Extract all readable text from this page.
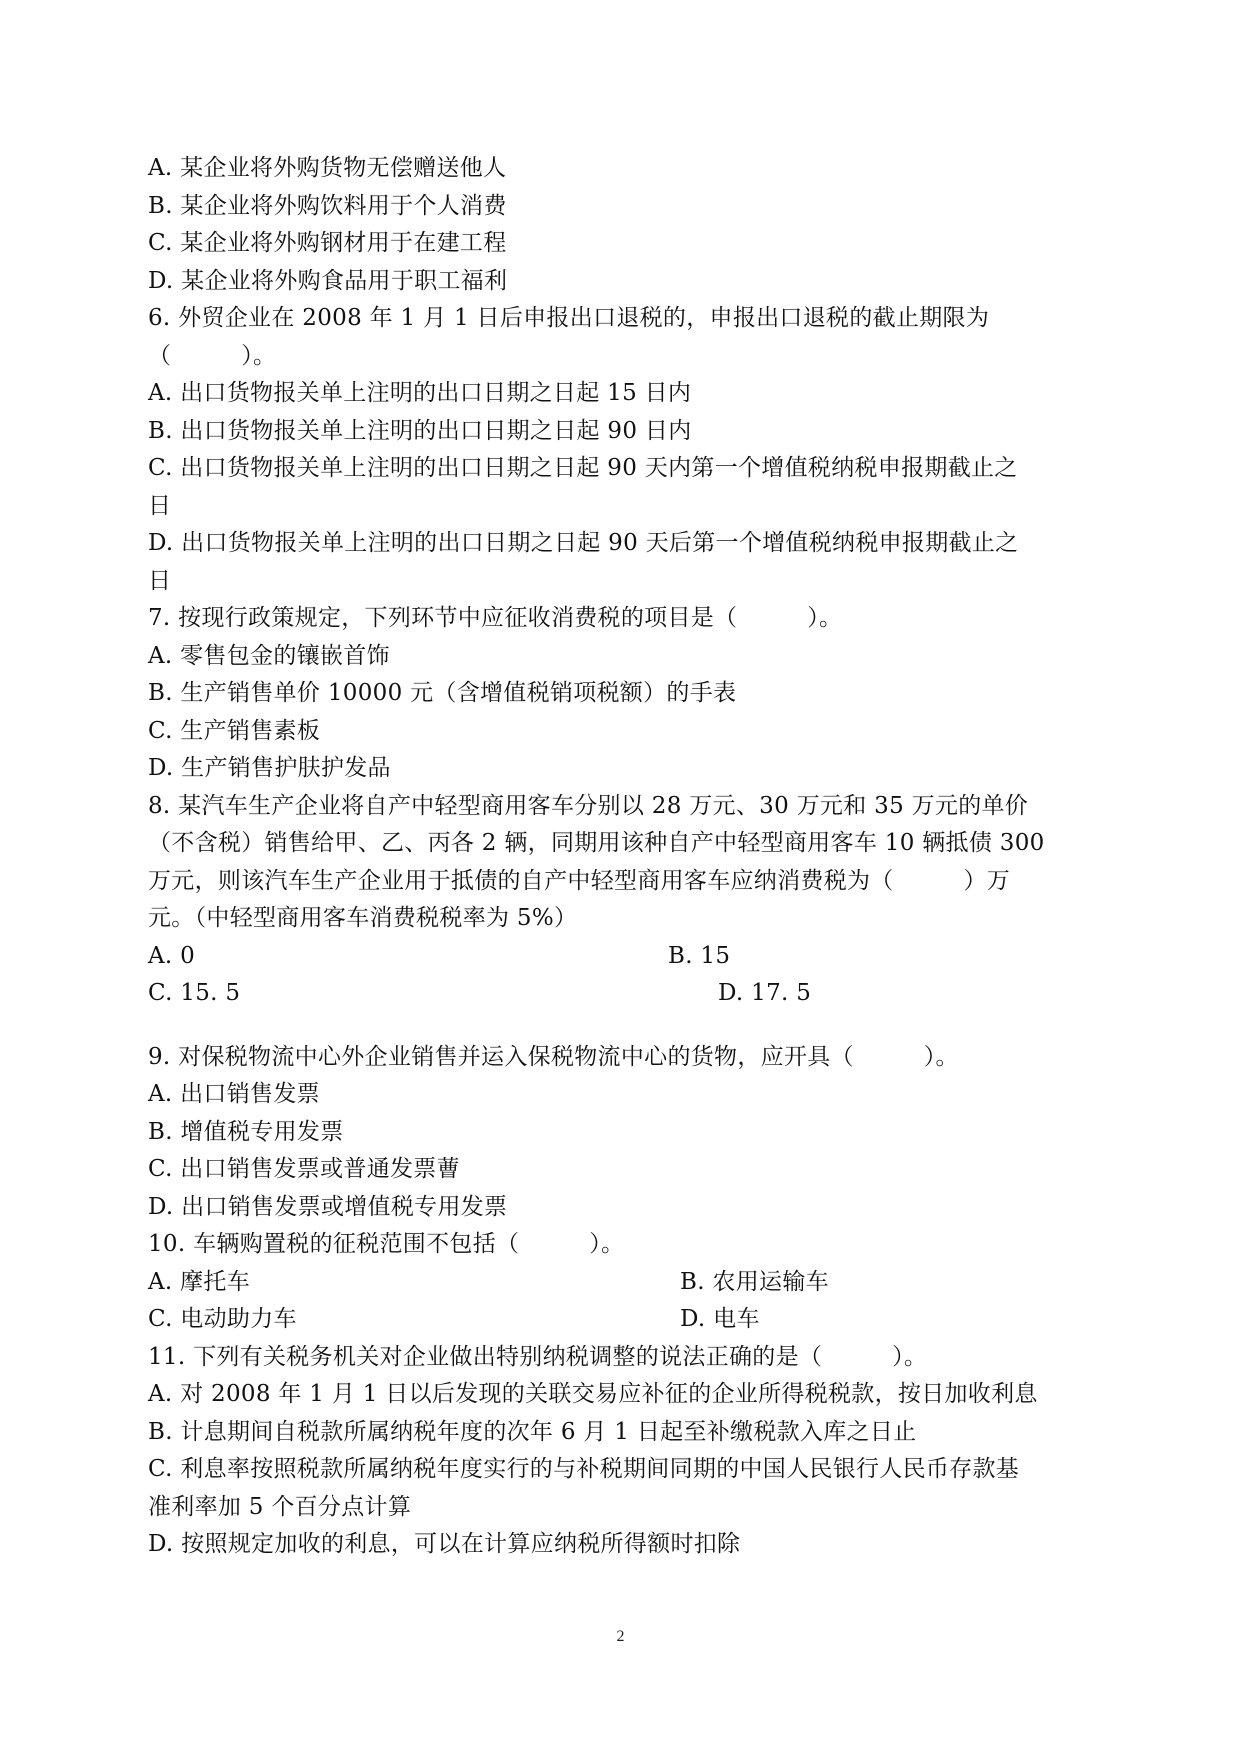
A. 某企业将外购货物无偿赠送他人
B. 某企业将外购饮料用于个人消费
C. 某企业将外购钢材用于在建工程
D. 某企业将外购食品用于职工福利
6. 外贸企业在 2008 年 1 月 1 日后申报出口退税的，申报出口退税的截止期限为
（　　　）。
A. 出口货物报关单上注明的出口日期之日起 15 日内
B. 出口货物报关单上注明的出口日期之日起 90 日内
C. 出口货物报关单上注明的出口日期之日起 90 天内第一个增值税纳税申报期截止之
日
D. 出口货物报关单上注明的出口日期之日起 90 天后第一个增值税纳税申报期截止之
日
7. 按现行政策规定，下列环节中应征收消费税的项目是（　　　）。
A. 零售包金的镶嵌首饰
B. 生产销售单价 10000 元（含增值税销项税额）的手表
C. 生产销售素板
D. 生产销售护肤护发品
8. 某汽车生产企业将自产中轻型商用客车分别以 28 万元、30 万元和 35 万元的单价
（不含税）销售给甲、乙、丙各 2 辆，同期用该种自产中轻型商用客车 10 辆抵债 300
万元，则该汽车生产企业用于抵债的自产中轻型商用客车应纳消费税为（　　　）万
元。（中轻型商用客车消费税税率为 5%）
A. 0	B. 15
C. 15. 5	D. 17. 5
9. 对保税物流中心外企业销售并运入保税物流中心的货物，应开具（　　　）。
A. 出口销售发票
B. 增值税专用发票
C. 出口销售发票或普通发票蓸
D. 出口销售发票或增值税专用发票
10. 车辆购置税的征税范围不包括（　　　）。
A. 摩托车	B. 农用运输车
C. 电动助力车	D. 电车
11. 下列有关税务机关对企业做出特别纳税调整的说法正确的是（　　　）。
A. 对 2008 年 1 月 1 日以后发现的关联交易应补征的企业所得税税款，按日加收利息
B. 计息期间自税款所属纳税年度的次年 6 月 1 日起至补缴税款入库之日止
C. 利息率按照税款所属纳税年度实行的与补税期间同期的中国人民银行人民币存款基
准利率加 5 个百分点计算
D. 按照规定加收的利息，可以在计算应纳税所得额时扣除
2
